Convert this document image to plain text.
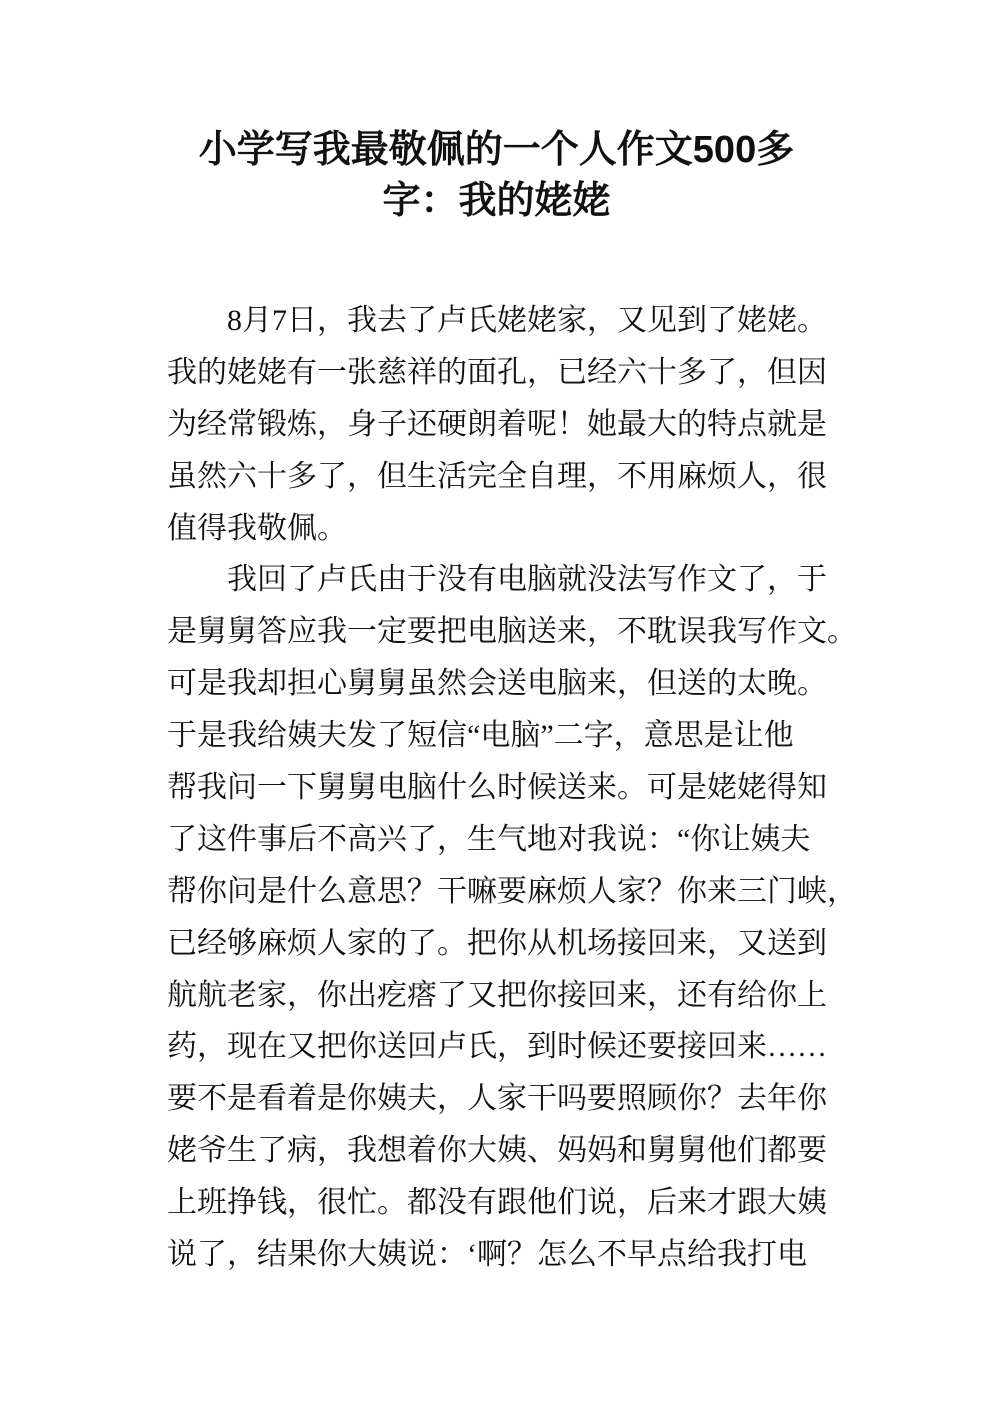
小学写我最敬佩的一个人作文500多
字：我的姥姥
8月7日，我去了卢氏姥姥家，又见到了姥姥。
我的姥姥有一张慈祥的面孔，已经六十多了，但因
为经常锻炼，身子还硬朗着呢！她最大的特点就是
虽然六十多了，但生活完全自理，不用麻烦人，很
值得我敬佩。
我回了卢氏由于没有电脑就没法写作文了，于
是舅舅答应我一定要把电脑送来，不耽误我写作文。
可是我却担心舅舅虽然会送电脑来，但送的太晚。
于是我给姨夫发了短信“电脑”二字，意思是让他
帮我问一下舅舅电脑什么时候送来。可是姥姥得知
了这件事后不高兴了，生气地对我说：“你让姨夫
帮你问是什么意思？干嘛要麻烦人家？你来三门峡，
已经够麻烦人家的了。把你从机场接回来，又送到
航航老家，你出疙瘩了又把你接回来，还有给你上
药，现在又把你送回卢氏，到时候还要接回来……
要不是看着是你姨夫，人家干吗要照顾你？去年你
姥爷生了病，我想着你大姨、妈妈和舅舅他们都要
上班挣钱，很忙。都没有跟他们说，后来才跟大姨
说了，结果你大姨说：‘啊？怎么不早点给我打电
